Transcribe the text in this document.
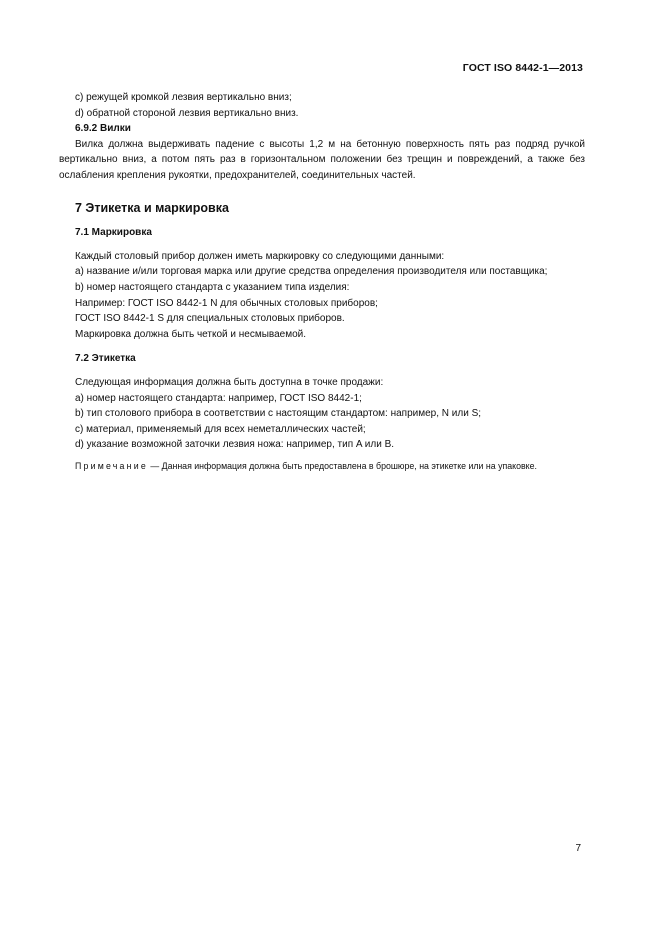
ГОСТ ISO 8442-1—2013

c) режущей кромкой лезвия вертикально вниз;

d) обратной стороной лезвия вертикально вниз.

6.9.2 Вилки

Вилка должна выдерживать падение с высоты 1,2 м на бетонную поверхность пять раз подряд ручкой вертикально вниз, а потом пять раз в горизонтальном положении без трещин и повреждений, а также без ослабления крепления рукоятки, предохранителей, соединительных частей.

7 Этикетка и маркировка

7.1 Маркировка

Каждый столовый прибор должен иметь маркировку со следующими данными:

a) название и/или торговая марка или другие средства определения производителя или поставщика;

b) номер настоящего стандарта с указанием типа изделия:

Например: ГОСТ ISO 8442-1 N для обычных столовых приборов;

ГОСТ ISO 8442-1 S для специальных столовых приборов.

Маркировка должна быть четкой и несмываемой.

7.2 Этикетка

Следующая информация должна быть доступна в точке продажи:

a) номер настоящего стандарта: например, ГОСТ ISO 8442-1;

b) тип столового прибора в соответствии с настоящим стандартом: например, N или S;

c) материал, применяемый для всех неметаллических частей;

d) указание возможной заточки лезвия ножа: например, тип A или B.

Примечание — Данная информация должна быть предоставлена в брошюре, на этикетке или на упаковке.

7
